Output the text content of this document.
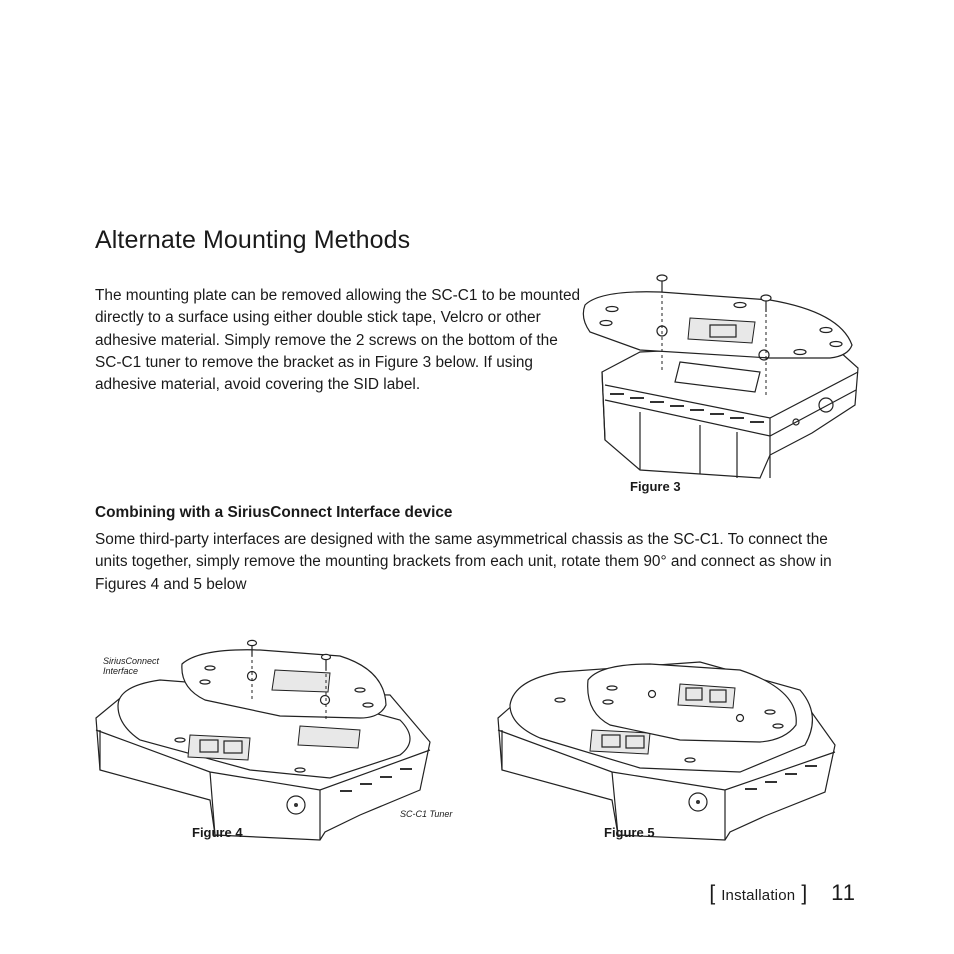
Alternate Mounting Methods

The mounting plate can be removed allowing the SC-C1 to be mounted directly to a surface using either double stick tape, Velcro or other adhesive material. Simply remove the 2 screws on the bottom of the SC-C1 tuner to remove the bracket as in Figure 3 below. If using adhesive material, avoid covering the SID label.

Combining with a SiriusConnect Interface device

Some third-party interfaces are designed with the same asymmetrical chassis as the SC-C1. To connect the units together, simply remove the mounting brackets from each unit, rotate them 90° and connect as show in Figures 4 and 5 below

Figure 3
SiriusConnect Interface
SC-C1 Tuner
Figure 4	Figure 5
[ Installation ] 11
